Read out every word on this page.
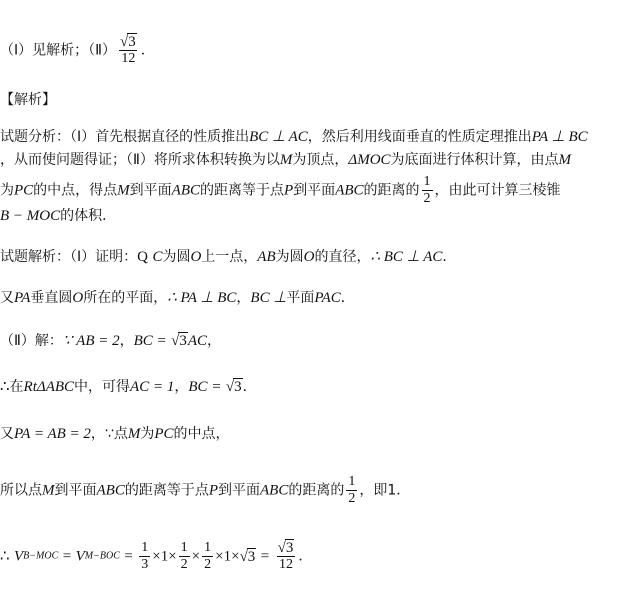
（Ⅰ）见解析；（Ⅱ） $\frac{√3}{12}$ ．
【解析】
试题分析：（Ⅰ）首先根据直径的性质推出BC ⊥ AC，然后利用线面垂直的性质定理推出PA ⊥ BC
，从而使问题得证；（Ⅱ）将所求体积转换为以M为顶点，ΔMOC为底面进行体积计算，由点M
为PC的中点，得点M到平面ABC的距离等于点P到平面ABC的距离的 $\frac{1}{2}$ ，由此可计算三棱锥
B − MOC的体积．
试题解析：（Ⅰ）证明：Q C为圆O上一点，AB为圆O的直径，∴ BC ⊥ AC．
又PA垂直圆O所在的平面，∴ PA ⊥ BC，BC ⊥平面PAC．
（Ⅱ）解：∵ AB = 2，BC = √3AC，
∴在RtΔABC中，可得AC = 1，BC = √3．
又PA = AB = 2，∵点M为PC的中点，
所以点M到平面ABC的距离等于点P到平面ABC的距离的 $\frac{1}{2}$ ，即1．
∴ $VB-MOC = VM-BOC = \frac{1}{3} \times 1\times \frac{1}{2} \times \frac{1}{2} \times 1\times√3 = \frac{√3}{12}$ ．
